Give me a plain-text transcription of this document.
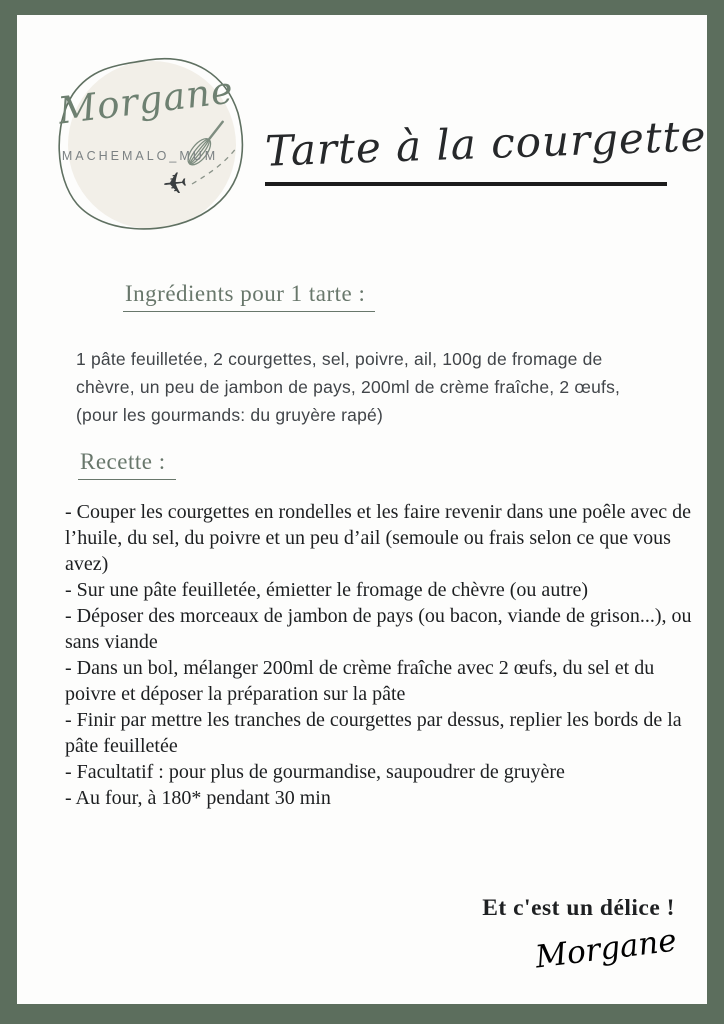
✈
Morgane
MACHEMALO_MUM Tarte à la courgette
Ingrédients pour 1 tarte :
1 pâte feuilletée, 2 courgettes, sel, poivre, ail, 100g de fromage de chèvre, un peu de jambon de pays, 200ml de crème fraîche, 2 œufs, (pour les gourmands: du gruyère rapé)
Recette :

- Couper les courgettes en rondelles et les faire revenir dans une poêle avec de l’huile, du sel, du poivre et un peu d’ail (semoule ou frais selon ce que vous avez)

- Sur une pâte feuilletée, émietter le fromage de chèvre (ou autre)

- Déposer des morceaux de jambon de pays (ou bacon, viande de grison...), ou sans viande

- Dans un bol, mélanger 200ml de crème fraîche avec 2 œufs, du sel et du poivre et déposer la préparation sur la pâte

- Finir par mettre les tranches de courgettes par dessus, replier les bords de la pâte feuilletée

- Facultatif : pour plus de gourmandise, saupoudrer de gruyère

- Au four, à 180* pendant 30 min

Et c'est un délice !
Morgane
